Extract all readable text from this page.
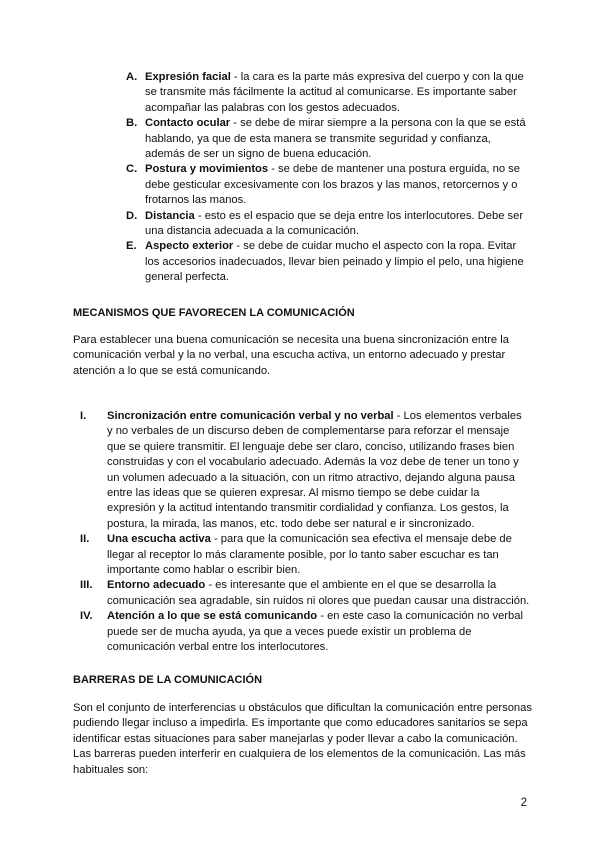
A. Expresión facial - la cara es la parte más expresiva del cuerpo y con la que se transmite más fácilmente la actitud al comunicarse. Es importante saber acompañar las palabras con los gestos adecuados.
B. Contacto ocular - se debe de mirar siempre a la persona con la que se está hablando, ya que de esta manera se transmite seguridad y confianza, además de ser un signo de buena educación.
C. Postura y movimientos - se debe de mantener una postura erguida, no se debe gesticular excesivamente con los brazos y las manos, retorcernos y o frotarnos las manos.
D. Distancia - esto es el espacio que se deja entre los interlocutores. Debe ser una distancia adecuada a la comunicación.
E. Aspecto exterior - se debe de cuidar mucho el aspecto con la ropa. Evitar los accesorios inadecuados, llevar bien peinado y limpio el pelo, una higiene general perfecta.
MECANISMOS QUE FAVORECEN LA COMUNICACIÓN

Para establecer una buena comunicación se necesita una buena sincronización entre la comunicación verbal y la no verbal, una escucha activa, un entorno adecuado y prestar atención a lo que se está comunicando.

I. Sincronización entre comunicación verbal y no verbal - Los elementos verbales y no verbales de un discurso deben de complementarse para reforzar el mensaje que se quiere transmitir. El lenguaje debe ser claro, conciso, utilizando frases bien construidas y con el vocabulario adecuado. Además la voz debe de tener un tono y un volumen adecuado a la situación, con un ritmo atractivo, dejando alguna pausa entre las ideas que se quieren expresar. Al mismo tiempo se debe cuidar la expresión y la actitud intentando transmitir cordialidad y confianza. Los gestos, la postura, la mirada, las manos, etc. todo debe ser natural e ir sincronizado.
II. Una escucha activa - para que la comunicación sea efectiva el mensaje debe de llegar al receptor lo más claramente posible, por lo tanto saber escuchar es tan importante como hablar o escribir bien.
III. Entorno adecuado - es interesante que el ambiente en el que se desarrolla la comunicación sea agradable, sin ruidos ni olores que puedan causar una distracción.
IV. Atención a lo que se está comunicando - en este caso la comunicación no verbal puede ser de mucha ayuda, ya que a veces puede existir un problema de comunicación verbal entre los interlocutores.
BARRERAS DE LA COMUNICACIÓN

Son el conjunto de interferencias u obstáculos que dificultan la comunicación entre personas pudiendo llegar incluso a impedirla. Es importante que como educadores sanitarios se sepa identificar estas situaciones para saber manejarlas y poder llevar a cabo la comunicación. Las barreras pueden interferir en cualquiera de los elementos de la comunicación. Las más habituales son:

2
